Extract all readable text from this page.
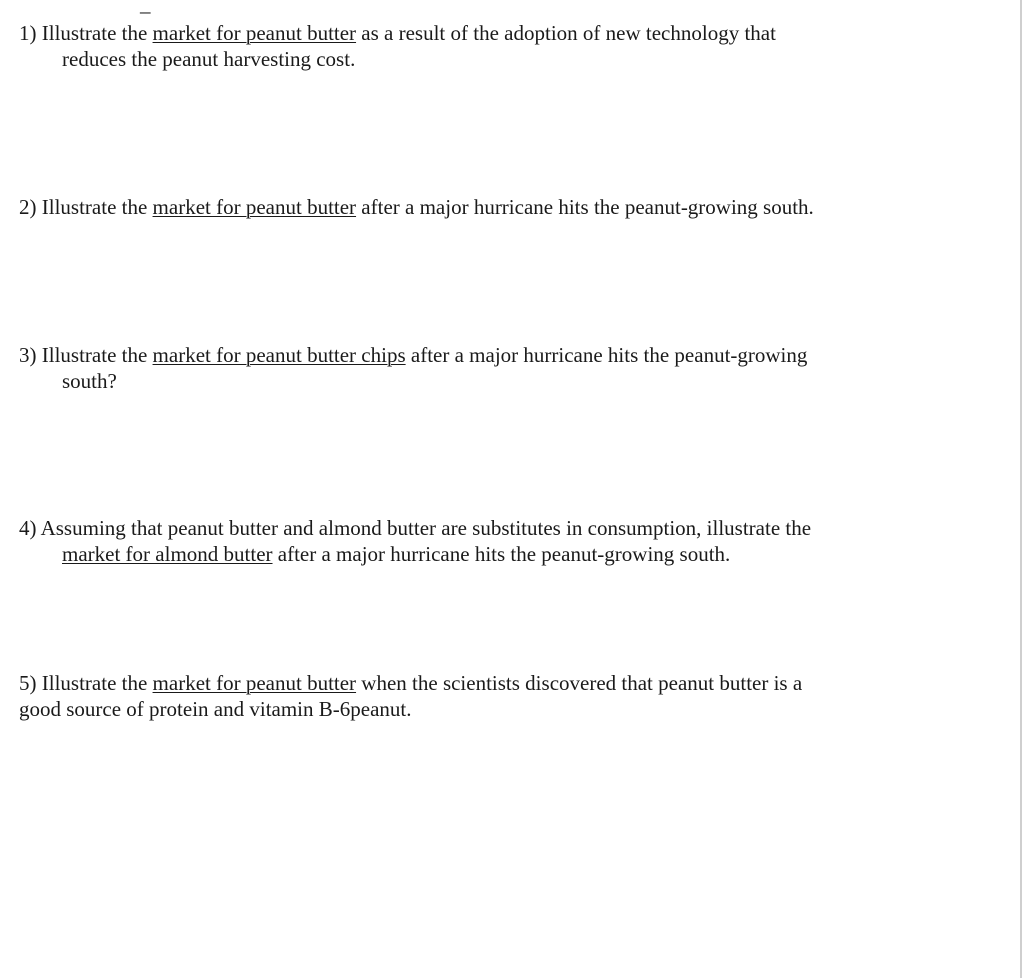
_
1) Illustrate the market for peanut butter as a result of the adoption of new technology that
reduces the peanut harvesting cost.
2) Illustrate the market for peanut butter after a major hurricane hits the peanut-growing south.
3) Illustrate the market for peanut butter chips after a major hurricane hits the peanut-growing
south?
4) Assuming that peanut butter and almond butter are substitutes in consumption, illustrate the
market for almond butter after a major hurricane hits the peanut-growing south.
5) Illustrate the market for peanut butter when the scientists discovered that peanut butter is a
good source of protein and vitamin B-6peanut.
